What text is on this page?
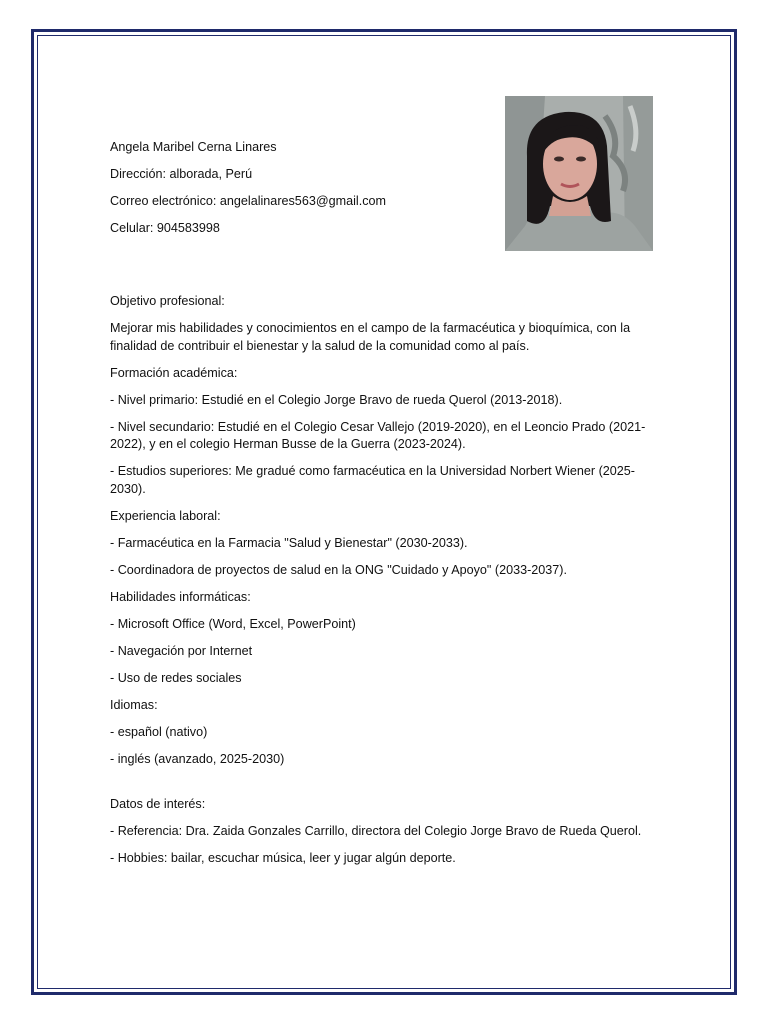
Angela Maribel Cerna Linares

Dirección: alborada, Perú

Correo electrónico: angelalinares563@gmail.com

Celular: 904583998

Objetivo profesional:

Mejorar mis habilidades y conocimientos en el campo de la farmacéutica y bioquímica, con la finalidad de contribuir el bienestar y la salud de la comunidad como al país.

Formación académica:

- Nivel primario: Estudié en el Colegio Jorge Bravo de rueda Querol (2013-2018).

- Nivel secundario: Estudié en el Colegio Cesar Vallejo (2019-2020), en el Leoncio Prado (2021-2022), y en el colegio Herman Busse de la Guerra (2023-2024).

- Estudios superiores: Me gradué como farmacéutica en la Universidad Norbert Wiener (2025-2030).

Experiencia laboral:

- Farmacéutica en la Farmacia "Salud y Bienestar" (2030-2033).

- Coordinadora de proyectos de salud en la ONG "Cuidado y Apoyo" (2033-2037).

Habilidades informáticas:

- Microsoft Office (Word, Excel, PowerPoint)

- Navegación por Internet

- Uso de redes sociales

Idiomas:

- español (nativo)

- inglés (avanzado, 2025-2030)

Datos de interés:

- Referencia: Dra. Zaida Gonzales Carrillo, directora del Colegio Jorge Bravo de Rueda Querol.

- Hobbies: bailar, escuchar música, leer y jugar algún deporte.
